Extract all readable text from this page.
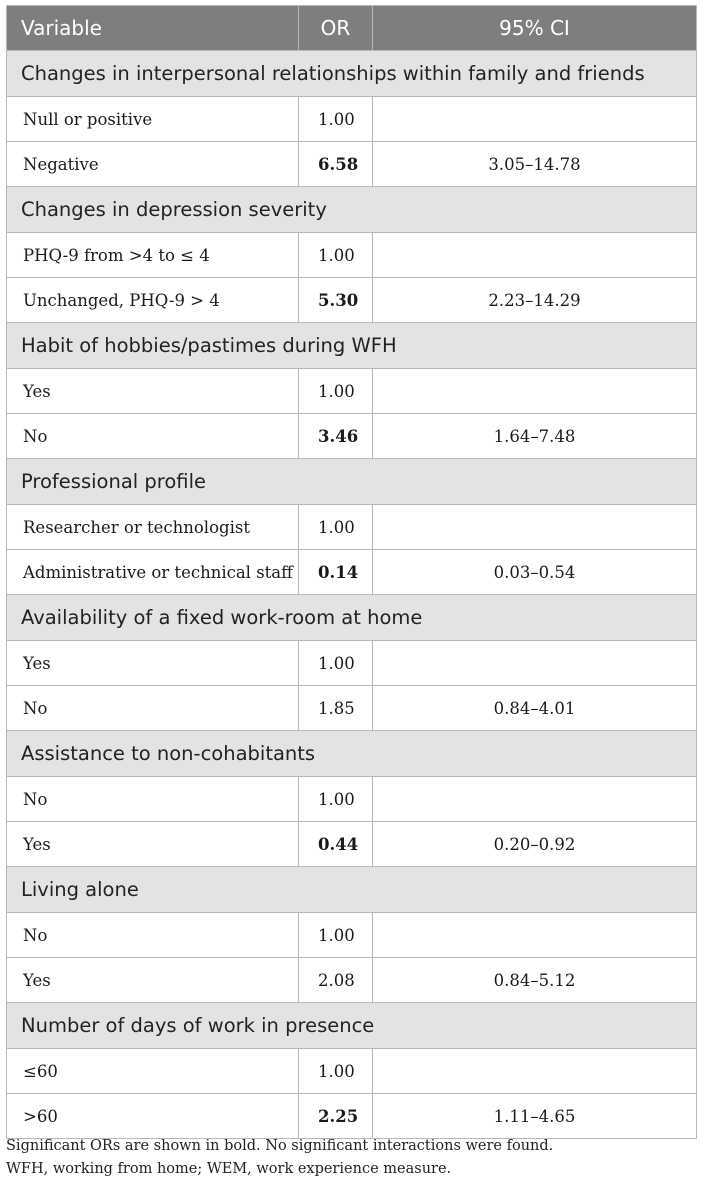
Variable	OR	95% CI
Changes in interpersonal relationships within family and friends		
Null or positive	1.00	
Negative	6.58	3.05–14.78
Changes in depression severity		
PHQ-9 from >4 to ≤ 4	1.00	
Unchanged, PHQ-9 > 4	5.30	2.23–14.29
Habit of hobbies/pastimes during WFH		
Yes	1.00	
No	3.46	1.64–7.48
Professional profile		
Researcher or technologist	1.00	
Administrative or technical staff	0.14	0.03–0.54
Availability of a fixed work-room at home		
Yes	1.00	
No	1.85	0.84–4.01
Assistance to non-cohabitants		
No	1.00	
Yes	0.44	0.20–0.92
Living alone		
No	1.00	
Yes	2.08	0.84–5.12
Number of days of work in presence		
≤60	1.00	
>60	2.25	1.11–4.65
Significant ORs are shown in bold. No significant interactions were found.
WFH, working from home; WEM, work experience measure.
